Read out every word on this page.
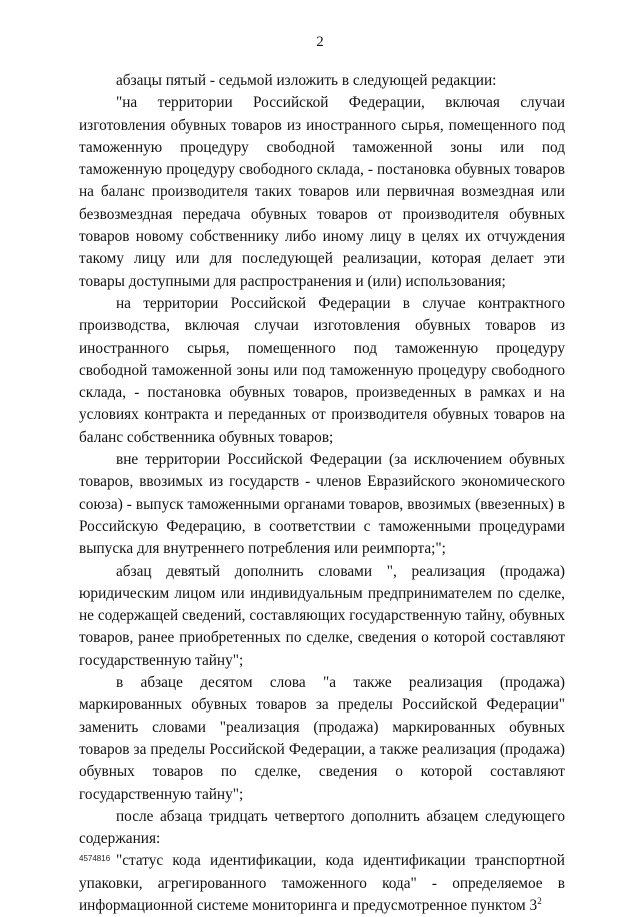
2

абзацы пятый - седьмой изложить в следующей редакции:

"на территории Российской Федерации, включая случаи изготовления обувных товаров из иностранного сырья, помещенного под таможенную процедуру свободной таможенной зоны или под таможенную процедуру свободного склада, - постановка обувных товаров на баланс производителя таких товаров или первичная возмездная или безвозмездная передача обувных товаров от производителя обувных товаров новому собственнику либо иному лицу в целях их отчуждения такому лицу или для последующей реализации, которая делает эти товары доступными для распространения и (или) использования;

на территории Российской Федерации в случае контрактного производства, включая случаи изготовления обувных товаров из иностранного сырья, помещенного под таможенную процедуру свободной таможенной зоны или под таможенную процедуру свободного склада, - постановка обувных товаров, произведенных в рамках и на условиях контракта и переданных от производителя обувных товаров на баланс собственника обувных товаров;

вне территории Российской Федерации (за исключением обувных товаров, ввозимых из государств - членов Евразийского экономического союза) - выпуск таможенными органами товаров, ввозимых (ввезенных) в Российскую Федерацию, в соответствии с таможенными процедурами выпуска для внутреннего потребления или реимпорта;";

абзац девятый дополнить словами ", реализация (продажа) юридическим лицом или индивидуальным предпринимателем по сделке, не содержащей сведений, составляющих государственную тайну, обувных товаров, ранее приобретенных по сделке, сведения о которой составляют государственную тайну";

в абзаце десятом слова "а также реализация (продажа) маркированных обувных товаров за пределы Российской Федерации" заменить словами "реализация (продажа) маркированных обувных товаров за пределы Российской Федерации, а также реализация (продажа) обувных товаров по сделке, сведения о которой составляют государственную тайну";

после абзаца тридцать четвертого дополнить абзацем следующего содержания:

"статус кода идентификации, кода идентификации транспортной упаковки, агрегированного таможенного кода" - определяемое в информационной системе мониторинга и предусмотренное пунктом $3^2$

4574816
